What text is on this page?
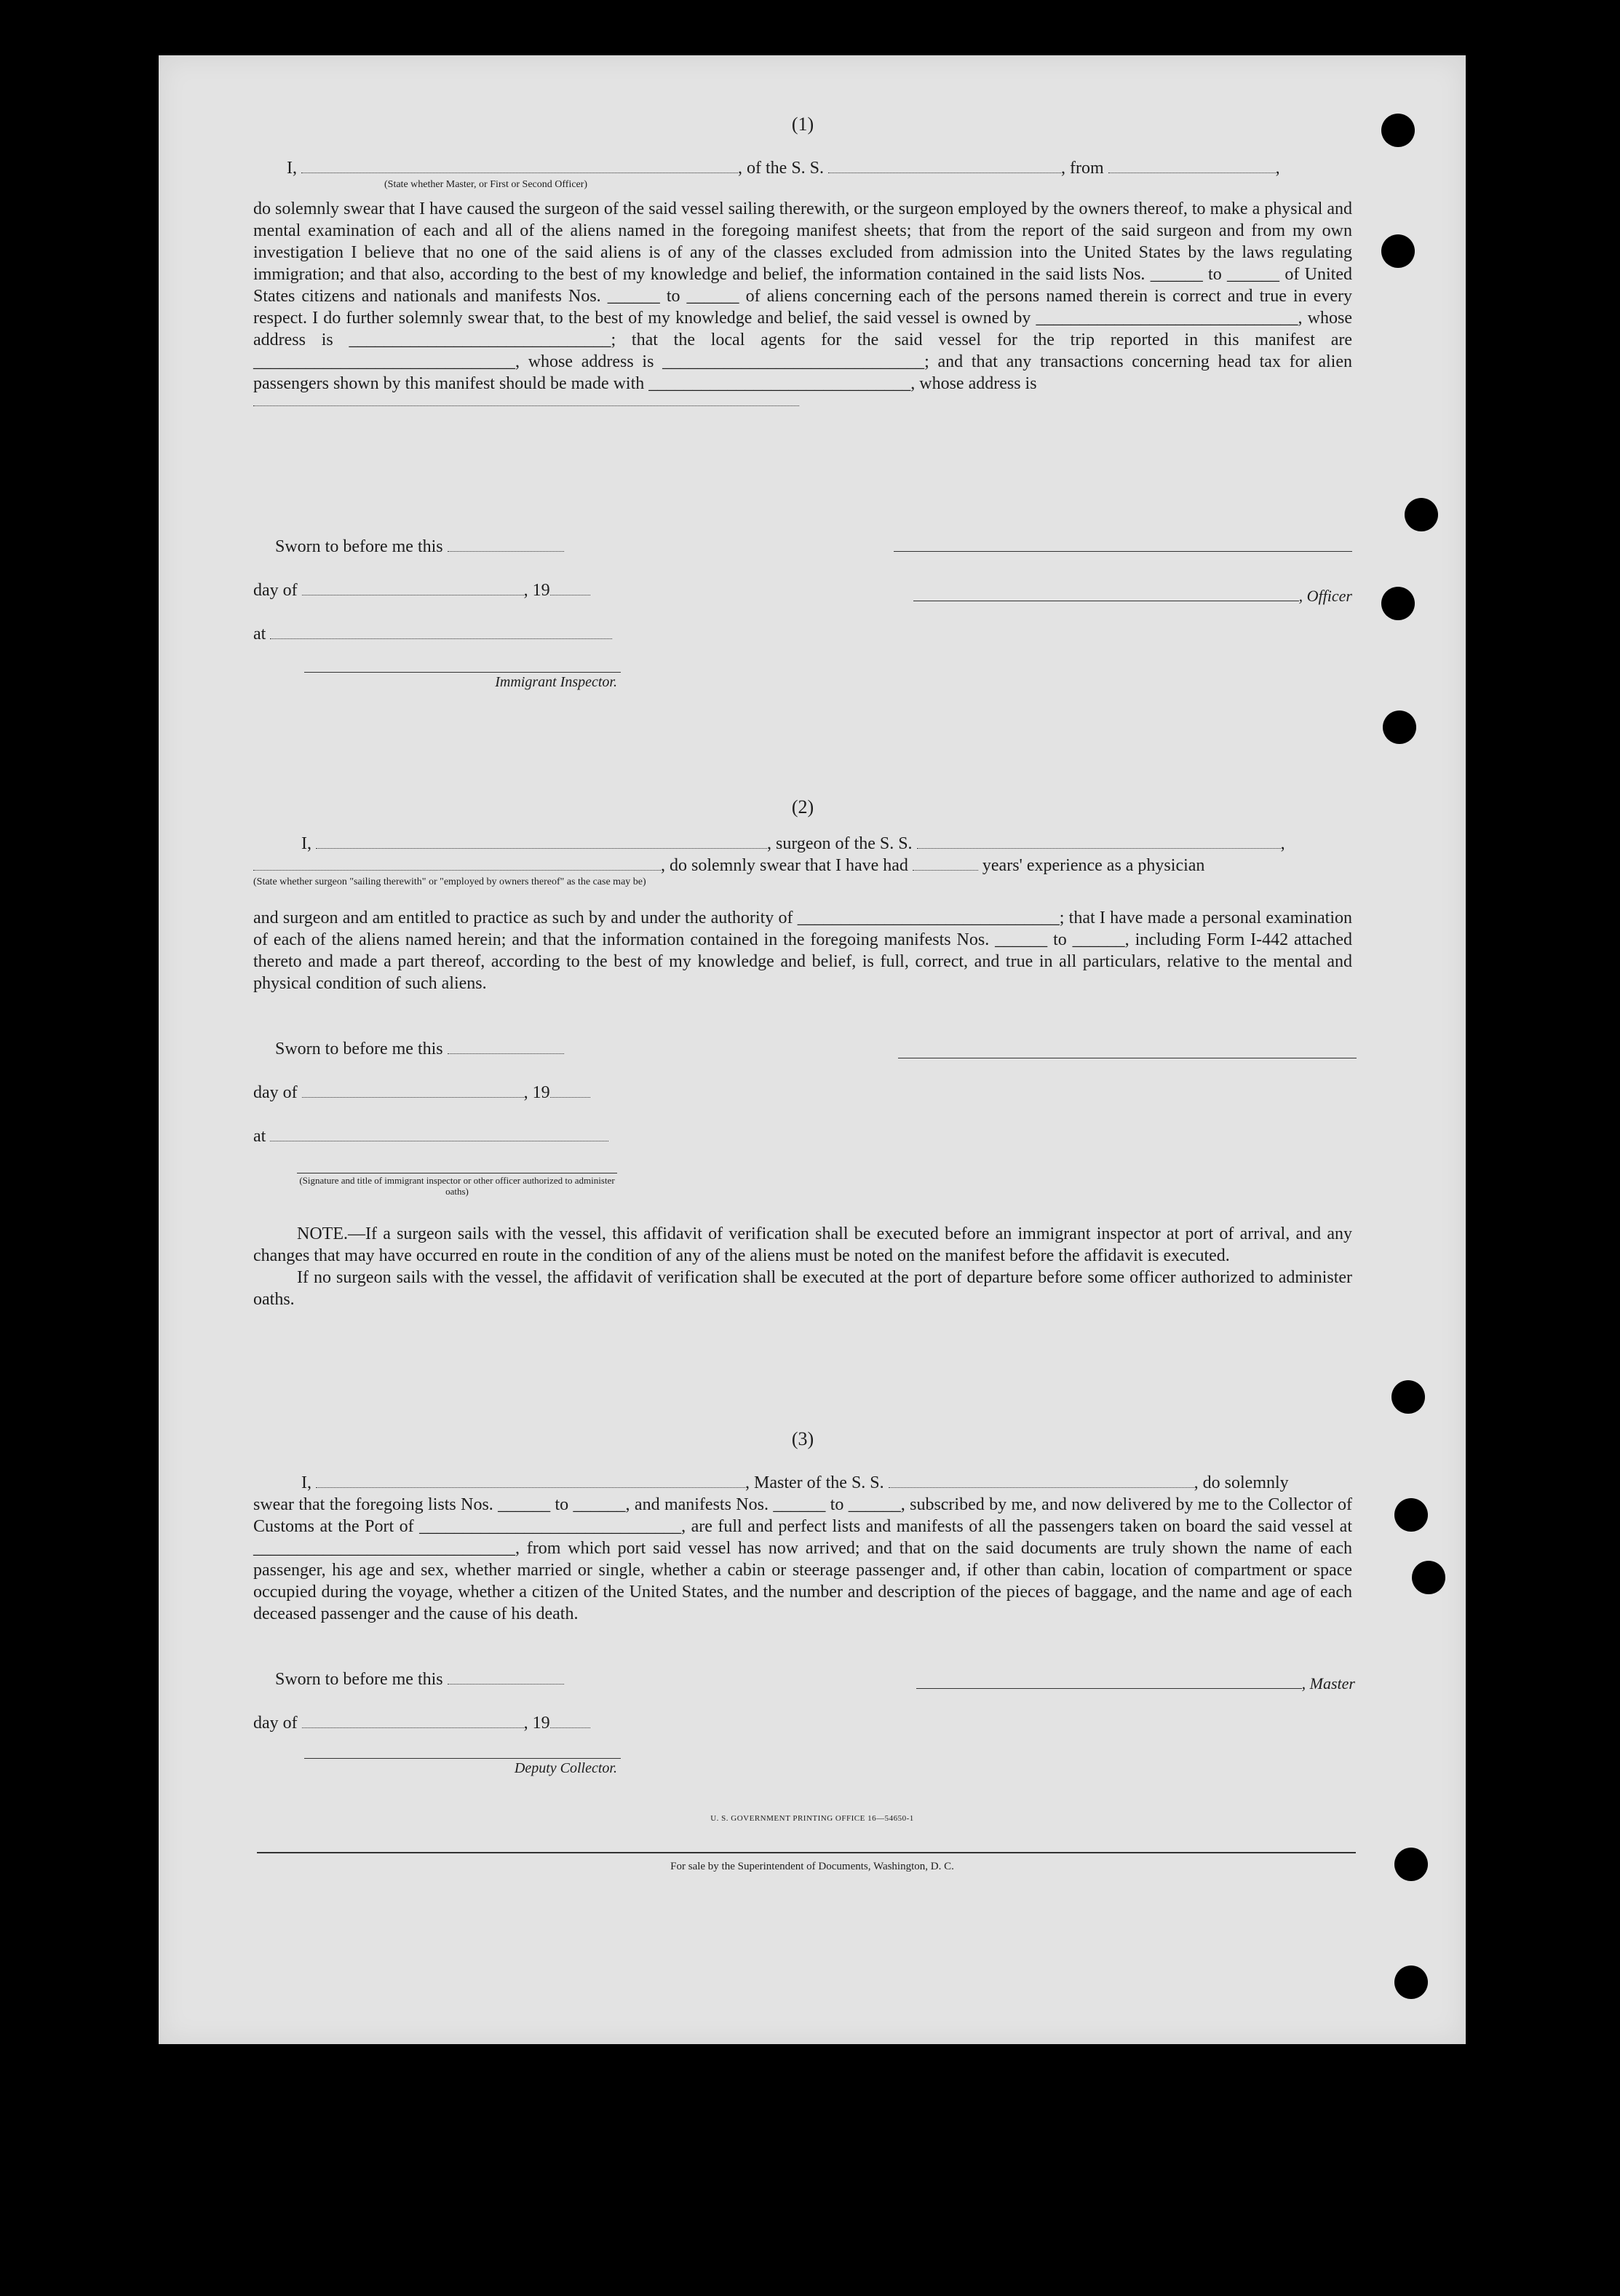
(1)

I,	, of the S. S.	, from	,
(State whether Master, or First or Second Officer)

do solemnly swear that I have caused the surgeon of the said vessel sailing therewith, or the surgeon employed by the owners thereof, to make a physical and mental examination of each and all of the aliens named in the foregoing manifest sheets; that from the report of the said surgeon and from my own investigation I believe that no one of the said aliens is of any of the classes excluded from admission into the United States by the laws regulating immigration; and that also, according to the best of my knowledge and belief, the information contained in the said lists Nos. ______ to ______ of United States citizens and nationals and manifests Nos. ______ to ______ of aliens concerning each of the persons named therein is correct and true in every respect. I do further solemnly swear that, to the best of my knowledge and belief, the said vessel is owned by ______________________________, whose address is ______________________________; that the local agents for the said vessel for the trip reported in this manifest are ______________________________, whose address is ______________________________; and that any transactions concerning head tax for alien passengers shown by this manifest should be made with ______________________________, whose address is

Sworn to before me this
day of	, 19
at
Immigrant Inspector.
, Officer

(2)

I,	, surgeon of the S. S.	,
, do solemnly swear that I have had	years' experience as a physician
(State whether surgeon "sailing therewith" or "employed by owners thereof" as the case may be)

and surgeon and am entitled to practice as such by and under the authority of ______________________________; that I have made a personal examination of each of the aliens named herein; and that the information contained in the foregoing manifests Nos. ______ to ______, including Form I-442 attached thereto and made a part thereof, according to the best of my knowledge and belief, is full, correct, and true in all particulars, relative to the mental and physical condition of such aliens.

Sworn to before me this
day of	, 19
at
(Signature and title of immigrant inspector or other officer authorized to administer oaths)

NOTE.—If a surgeon sails with the vessel, this affidavit of verification shall be executed before an immigrant inspector at port of arrival, and any changes that may have occurred en route in the condition of any of the aliens must be noted on the manifest before the affidavit is executed.

If no surgeon sails with the vessel, the affidavit of verification shall be executed at the port of departure before some officer authorized to administer oaths.

(3)

I,	, Master of the S. S.	, do solemnly

swear that the foregoing lists Nos. ______ to ______, and manifests Nos. ______ to ______, subscribed by me, and now delivered by me to the Collector of Customs at the Port of ______________________________, are full and perfect lists and manifests of all the passengers taken on board the said vessel at ______________________________, from which port said vessel has now arrived; and that on the said documents are truly shown the name of each passenger, his age and sex, whether married or single, whether a cabin or steerage passenger and, if other than cabin, location of compartment or space occupied during the voyage, whether a citizen of the United States, and the number and description of the pieces of baggage, and the name and age of each deceased passenger and the cause of his death.

Sworn to before me this
day of	, 19
Deputy Collector.
, Master
U. S. GOVERNMENT PRINTING OFFICE 16—54650-1
For sale by the Superintendent of Documents, Washington, D. C.
